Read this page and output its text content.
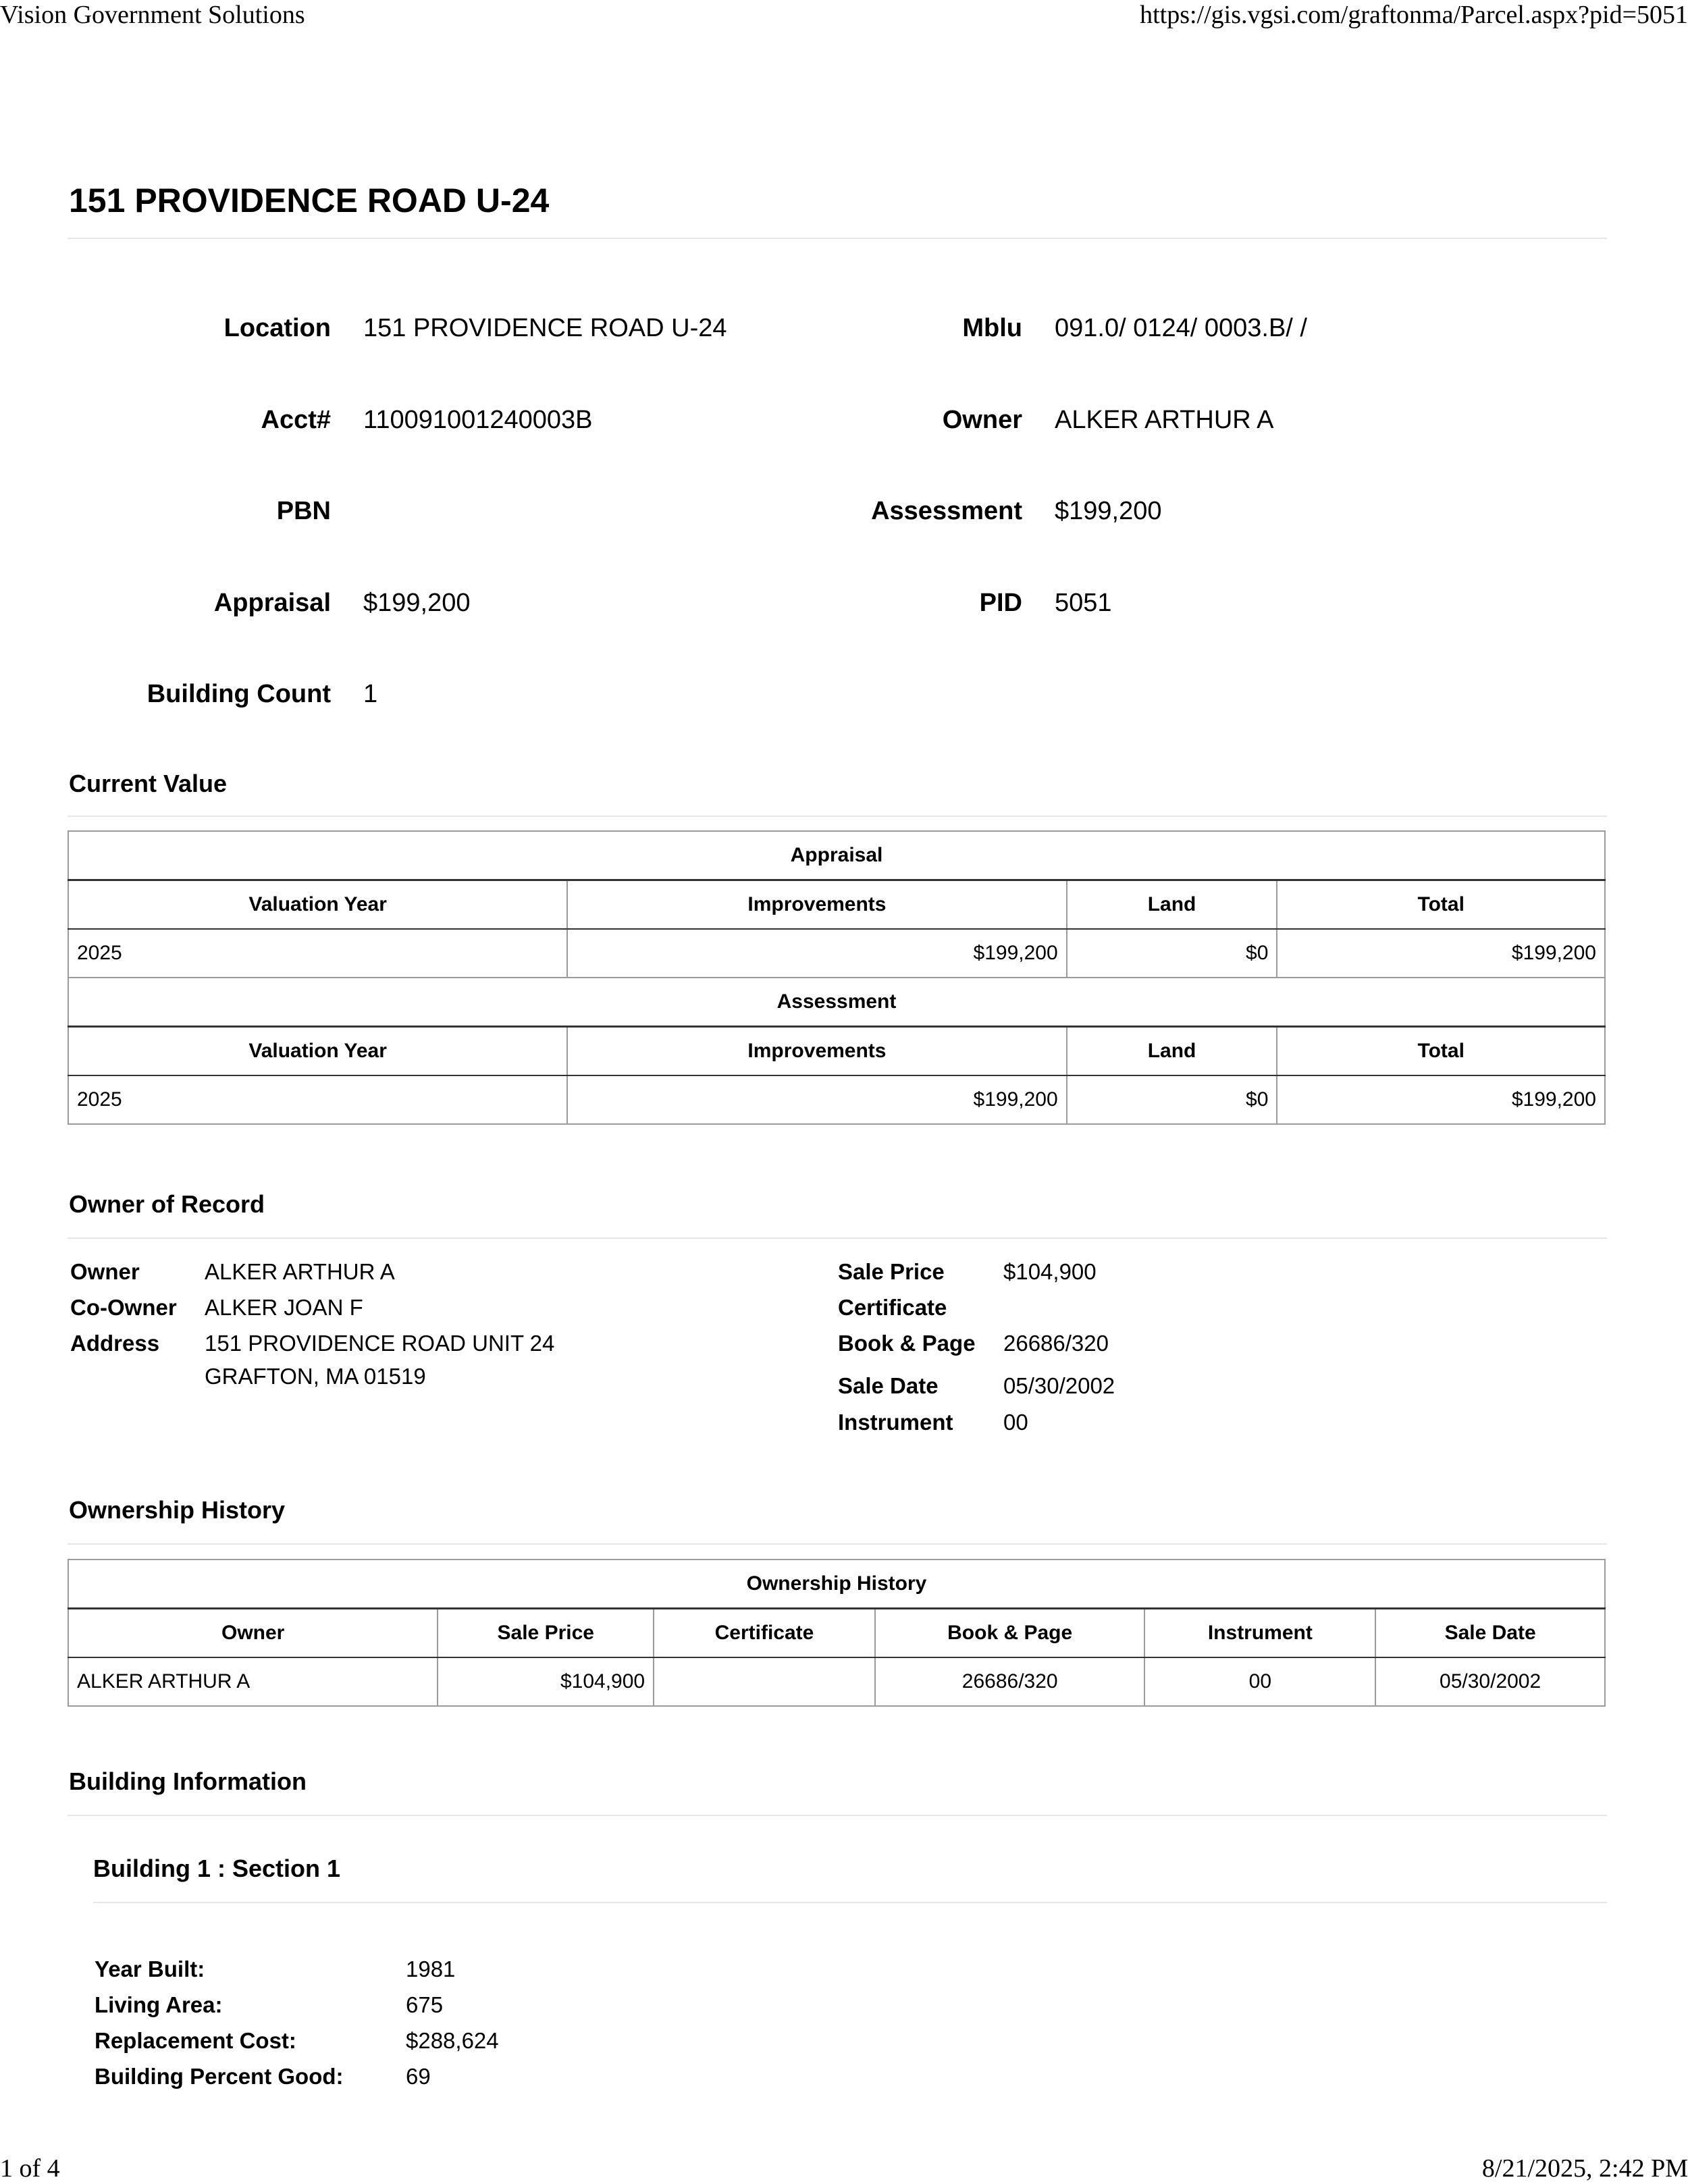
Vision Government Solutions	https://gis.vgsi.com/graftonma/Parcel.aspx?pid=5051
1 of 4	8/21/2025, 2:42 PM
151 PROVIDENCE ROAD U-24
Location 151 PROVIDENCE ROAD U-24	Mblu 091.0/ 0124/ 0003.B/ /
Acct# 110091001240003B	Owner ALKER ARTHUR A
PBN	Assessment $199,200
Appraisal $199,200	PID 5051
Building Count 1
Current Value
Appraisal			
Valuation Year	Improvements	Land	Total
2025	$199,200	$0	$199,200
Assessment			
Valuation Year	Improvements	Land	Total
2025	$199,200	$0	$199,200
Owner of Record
Owner	ALKER ARTHUR A
Co-Owner ALKER JOAN F
Address 151 PROVIDENCE ROAD UNIT 24
GRAFTON, MA 01519
Sale Price	$104,900
Certificate
Book & Page 26686/320
Sale Date	05/30/2002
Instrument 00
Ownership History
Ownership History					
Owner	Sale Price	Certificate	Book & Page	Instrument	Sale Date
ALKER ARTHUR A	$104,900		26686/320	00	05/30/2002
Building Information
Building 1 : Section 1
Year Built:	1981
Living Area:	675
Replacement Cost:	$288,624
Building Percent Good:	69
